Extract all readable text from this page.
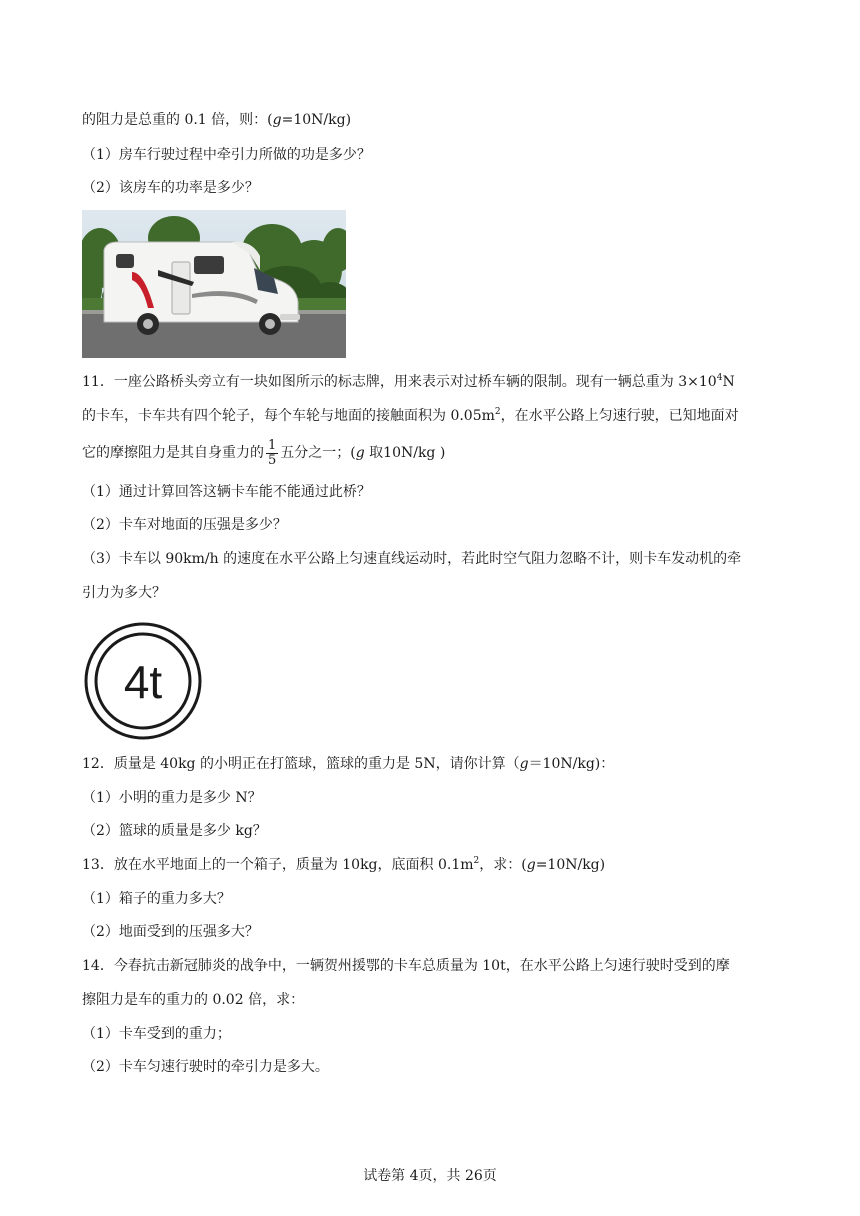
的阻力是总重的 0.1 倍，则：(g=10N/kg)
（1）房车行驶过程中牵引力所做的功是多少？
（2）该房车的功率是多少？
11．一座公路桥头旁立有一块如图所示的标志牌，用来表示对过桥车辆的限制。现有一辆总重为 $3\times 10^4N$
的卡车，卡车共有四个轮子，每个车轮与地面的接触面积为 $0.05m^2$，在水平公路上匀速行驶，已知地面对
它的摩擦阻力是其自身重力的 $\frac{1}{5}$ 五分之一；(g 取10N/kg )
（1）通过计算回答这辆卡车能不能通过此桥？
（2）卡车对地面的压强是多少？
（3）卡车以 90km/h 的速度在水平公路上匀速直线运动时，若此时空气阻力忽略不计，则卡车发动机的牵
引力为多大？
4t
12．质量是 40kg 的小明正在打篮球，篮球的重力是 5N，请你计算（g＝10N/kg)：
（1）小明的重力是多少 N？
（2）篮球的质量是多少 kg？
13．放在水平地面上的一个箱子，质量为 10kg，底面积 $0.1m^2$，求：(g=10N/kg)
（1）箱子的重力多大？
（2）地面受到的压强多大？
14．今春抗击新冠肺炎的战争中，一辆贺州援鄂的卡车总质量为 10t，在水平公路上匀速行驶时受到的摩
擦阻力是车的重力的 0.02 倍，求：
（1）卡车受到的重力；
（2）卡车匀速行驶时的牵引力是多大。
试卷第 4页，共 26页
